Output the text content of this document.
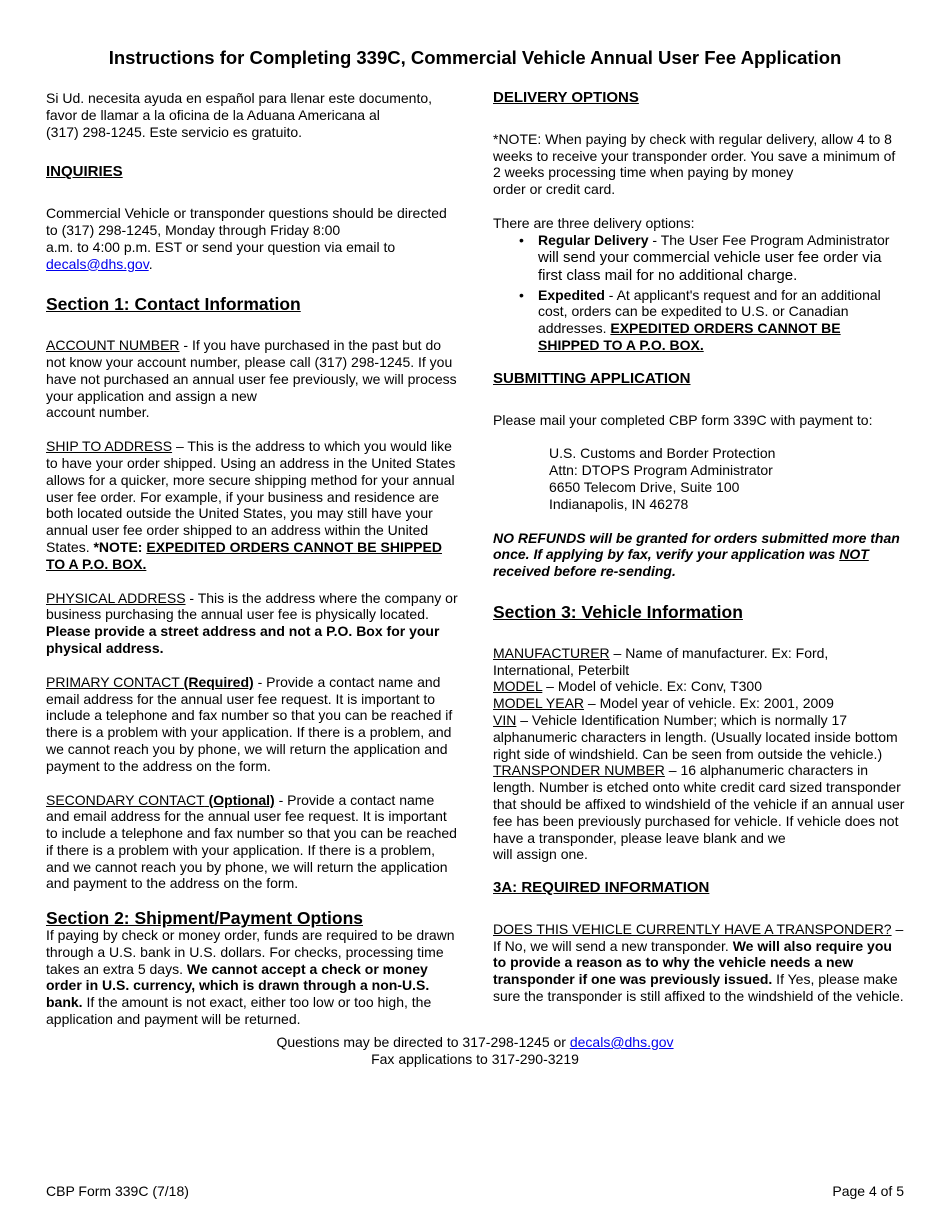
Instructions for Completing 339C, Commercial Vehicle Annual User Fee Application

Si Ud. necesita ayuda en español para llenar este documento,
favor de llamar a la oficina de la Aduana Americana al
(317) 298-1245. Este servicio es gratuito.

INQUIRIES

Commercial Vehicle or transponder questions should be directed
to (317) 298-1245, Monday through Friday 8:00
a.m. to 4:00 p.m. EST or send your question via email to
decals@dhs.gov.

Section 1: Contact Information

ACCOUNT NUMBER - If you have purchased in the past but do not know your account number, please call (317) 298-1245. If you have not purchased an annual user fee previously, we will process your application and assign a new
account number.

SHIP TO ADDRESS – This is the address to which you would like to have your order shipped. Using an address in the United States allows for a quicker, more secure shipping method for your annual user fee order. For example, if your business and residence are both located outside the United States, you may still have your annual user fee order shipped to an address within the United States. *NOTE: EXPEDITED ORDERS CANNOT BE SHIPPED TO A P.O. BOX.

PHYSICAL ADDRESS - This is the address where the company or business purchasing the annual user fee is physically located. Please provide a street address and not a P.O. Box for your physical address.

PRIMARY CONTACT (Required) - Provide a contact name and email address for the annual user fee request. It is important to include a telephone and fax number so that you can be reached if there is a problem with your application. If there is a problem, and we cannot reach you by phone, we will return the application and payment to the address on the form.

SECONDARY CONTACT (Optional) - Provide a contact name and email address for the annual user fee request. It is important to include a telephone and fax number so that you can be reached if there is a problem with your application. If there is a problem, and we cannot reach you by phone, we will return the application and payment to the address on the form.

Section 2: Shipment/Payment Options

If paying by check or money order, funds are required to be drawn through a U.S. bank in U.S. dollars. For checks, processing time takes an extra 5 days. We cannot accept a check or money order in U.S. currency, which is drawn through a non-U.S. bank. If the amount is not exact, either too low or too high, the application and payment will be returned.

DELIVERY OPTIONS

*NOTE: When paying by check with regular delivery, allow 4 to 8 weeks to receive your transponder order. You save a minimum of 2 weeks processing time when paying by money
order or credit card.

There are three delivery options:

• Regular Delivery - The User Fee Program Administrator
will send your commercial vehicle user fee order via first class mail for no additional charge.
• Expedited - At applicant's request and for an additional cost, orders can be expedited to U.S. or Canadian addresses. EXPEDITED ORDERS CANNOT BE SHIPPED TO A P.O. BOX.

SUBMITTING APPLICATION

Please mail your completed CBP form 339C with payment to:

U.S. Customs and Border Protection
Attn: DTOPS Program Administrator
6650 Telecom Drive, Suite 100
Indianapolis, IN 46278

NO REFUNDS will be granted for orders submitted more than once. If applying by fax, verify your application was NOT received before re-sending.

Section 3: Vehicle Information

MANUFACTURER – Name of manufacturer. Ex: Ford, International, Peterbilt
MODEL – Model of vehicle. Ex: Conv, T300
MODEL YEAR – Model year of vehicle. Ex: 2001, 2009
VIN – Vehicle Identification Number; which is normally 17 alphanumeric characters in length. (Usually located inside bottom right side of windshield. Can be seen from outside the vehicle.)
TRANSPONDER NUMBER – 16 alphanumeric characters in length. Number is etched onto white credit card sized transponder that should be affixed to windshield of the vehicle if an annual user fee has been previously purchased for vehicle. If vehicle does not have a transponder, please leave blank and we
will assign one.

3A: REQUIRED INFORMATION

DOES THIS VEHICLE CURRENTLY HAVE A TRANSPONDER? – If No, we will send a new transponder. We will also require you to provide a reason as to why the vehicle needs a new transponder if one was previously issued. If Yes, please make sure the transponder is still affixed to the windshield of the vehicle.

Questions may be directed to 317-298-1245 or decals@dhs.gov
Fax applications to 317-290-3219
CBP Form 339C (7/18)	Page 4 of 5
